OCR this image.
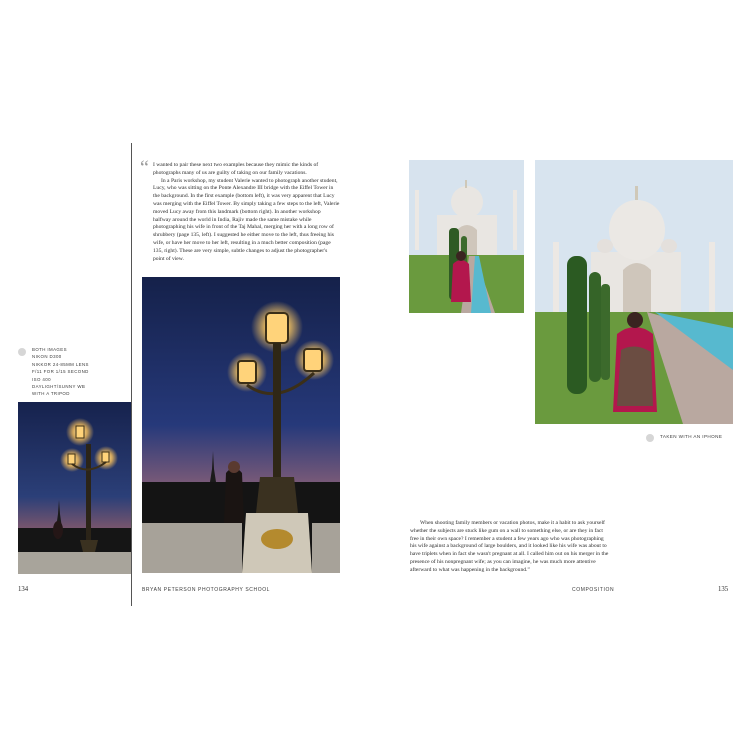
“ I wanted to pair these next two examples because they mimic the kinds of photographs many of us are guilty of taking on our family vacations.

In a Paris workshop, my student Valerie wanted to photograph another student, Lucy, who was sitting on the Ponte Alexandre III bridge with the Eiffel Tower in the background. In the first example (bottom left), it was very apparent that Lucy was merging with the Eiffel Tower. By simply taking a few steps to the left, Valerie moved Lucy away from this landmark (bottom right). In another workshop halfway around the world in India, Rajiv made the same mistake while photographing his wife in front of the Taj Mahal, merging her with a long row of shrubbery (page 135, left). I suggested he either move to the left, thus freeing his wife, or have her move to her left, resulting in a much better composition (page 135, right). These are very simple, subtle changes to adjust the photographer's point of view.

BOTH IMAGES
NIKON D300
NIKKOR 24-85MM LENS
F/11 FOR 1/15 SECOND
ISO 400
DAYLIGHT/SUNNY WB
WITH A TRIPOD
TAKEN WITH AN IPHONE

When shooting family members or vacation photos, make it a habit to ask yourself whether the subjects are stuck like gum on a wall to something else, or are they in fact free in their own space? I remember a student a few years ago who was photographing his wife against a background of large boulders, and it looked like his wife was about to have triplets when in fact she wasn't pregnant at all. I called him out on his merger in the presence of his nonpregnant wife; as you can imagine, he was much more attentive afterward to what was happening in the background.”

134	BRYAN PETERSON PHOTOGRAPHY SCHOOL	COMPOSITION	135
